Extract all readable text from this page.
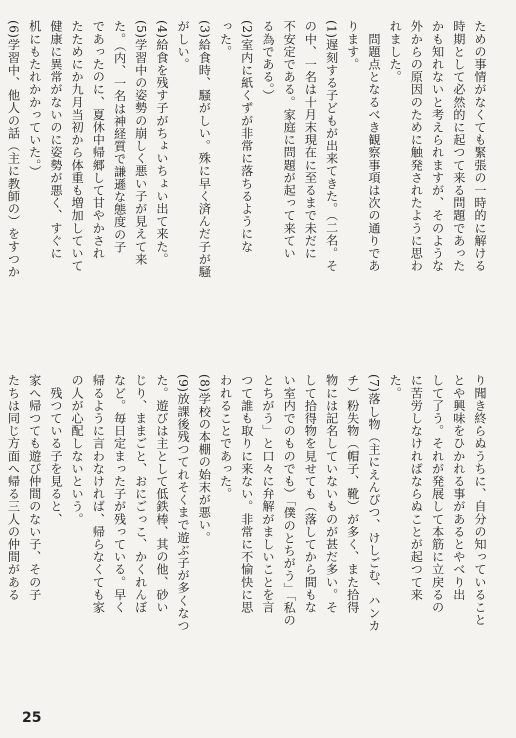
ための事情がなくても緊張の一時的に解ける
時期として必然的に起つて来る問題であった
かも知れないと考えられますが、そのような
外からの原因のために触発されたように思わ
れました。
　問題点となるべき観察事項は次の通りであ
ります。
(1)遅刻する子どもが出来てきた。（二名。そ
の中、一名は十月末現在に至るまで未だに
不安定である。家庭に問題が起って来てい
る為である。）
(2)室内に紙くずが非常に落ちるようにな
った。
(3)給食時、騒がしい。殊に早く済んだ子が騒
がしい。
(4)給食を残す子がちょいちょい出て来た。
(5)学習中の姿勢の崩しく悪い子が見えて来
た。（内、一名は神経質で謙遜な態度の子
であったのに、夏休中帰郷して甘やかされ
たためにか九月当初から体重も増加していて
健康に異常がないのに姿勢が悪く、すぐに
机にもたれかかっていた。）
(6)学習中、他人の話（主に教師の）をすつか
り聞き終らぬうちに、自分の知っていること
とや興味をひかれる事があるとやべり出
して了う。それが発展して本筋に立戻るの
に苦労しなければならぬことが起つて来
た。
(7)落し物（主にえんぴつ、けしごむ、ハンカ
チ）粉失物（帽子、靴）が多く、また拾得
物には記名していないものが甚だ多い。そ
して拾得物を見せても（落してから間もな
い室内でのものでも）「僕のとちがう」「私の
とちがう」と口々に弁解がましいことを言
つて誰も取りに来ない。非常に不愉快に思
われることであった。
(8)学校の本棚の始末が悪い。
(9)放課後残つてれそくまで遊ぶ子が多くなつ
た。遊びは主として低鉄棒、其の他、砂い
じり、ままごと、おにごっこ、かくれんぼ
など。毎日定まった子が残っている。早く
帰るように言わなければ、帰らなくても家
の人が心配しないという。
　残つている子を見ると、
家へ帰つても遊び仲間のない子、その子
たちは同じ方面へ帰る三人の仲間がある
25
